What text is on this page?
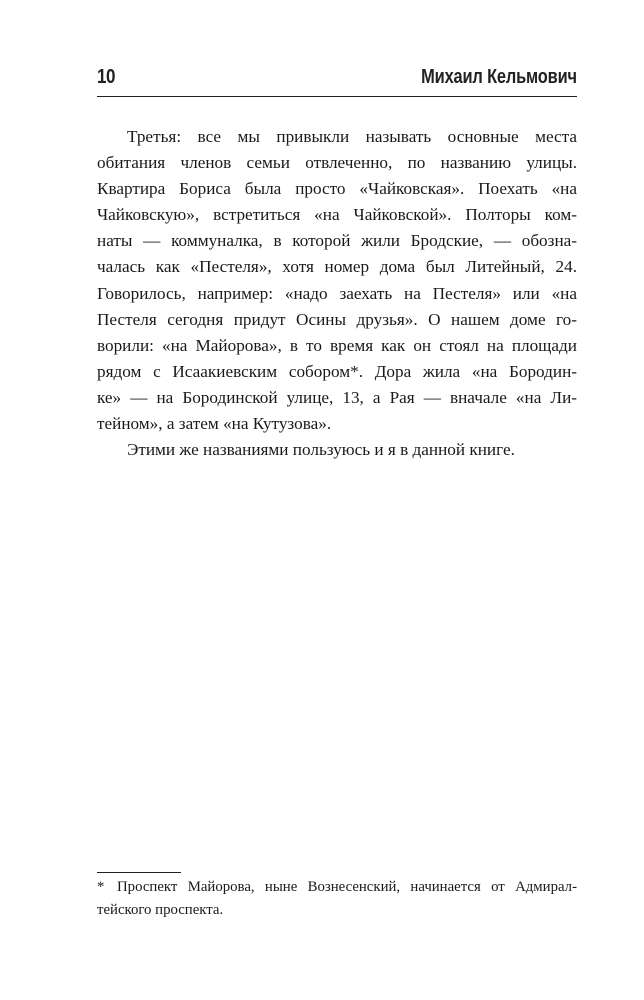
10	Михаил Кельмович
Третья: все мы привыкли называть основные места
обитания членов семьи отвлеченно, по названию улицы.
Квартира Бориса была просто «Чайковская». Поехать «на
Чайковскую», встретиться «на Чайковской». Полторы ком-
наты — коммуналка, в которой жили Бродские, — обозна-
чалась как «Пестеля», хотя номер дома был Литейный, 24.
Говорилось, например: «надо заехать на Пестеля» или «на
Пестеля сегодня придут Осины друзья». О нашем доме го-
ворили: «на Майорова», в то время как он стоял на площади
рядом с Исаакиевским собором*. Дора жила «на Бородин-
ке» — на Бородинской улице, 13, а Рая — вначале «на Ли-
тейном», а затем «на Кутузова».
Этими же названиями пользуюсь и я в данной книге.
* Проспект Майорова, ныне Вознесенский, начинается от Адмирал-
тейского проспекта.
